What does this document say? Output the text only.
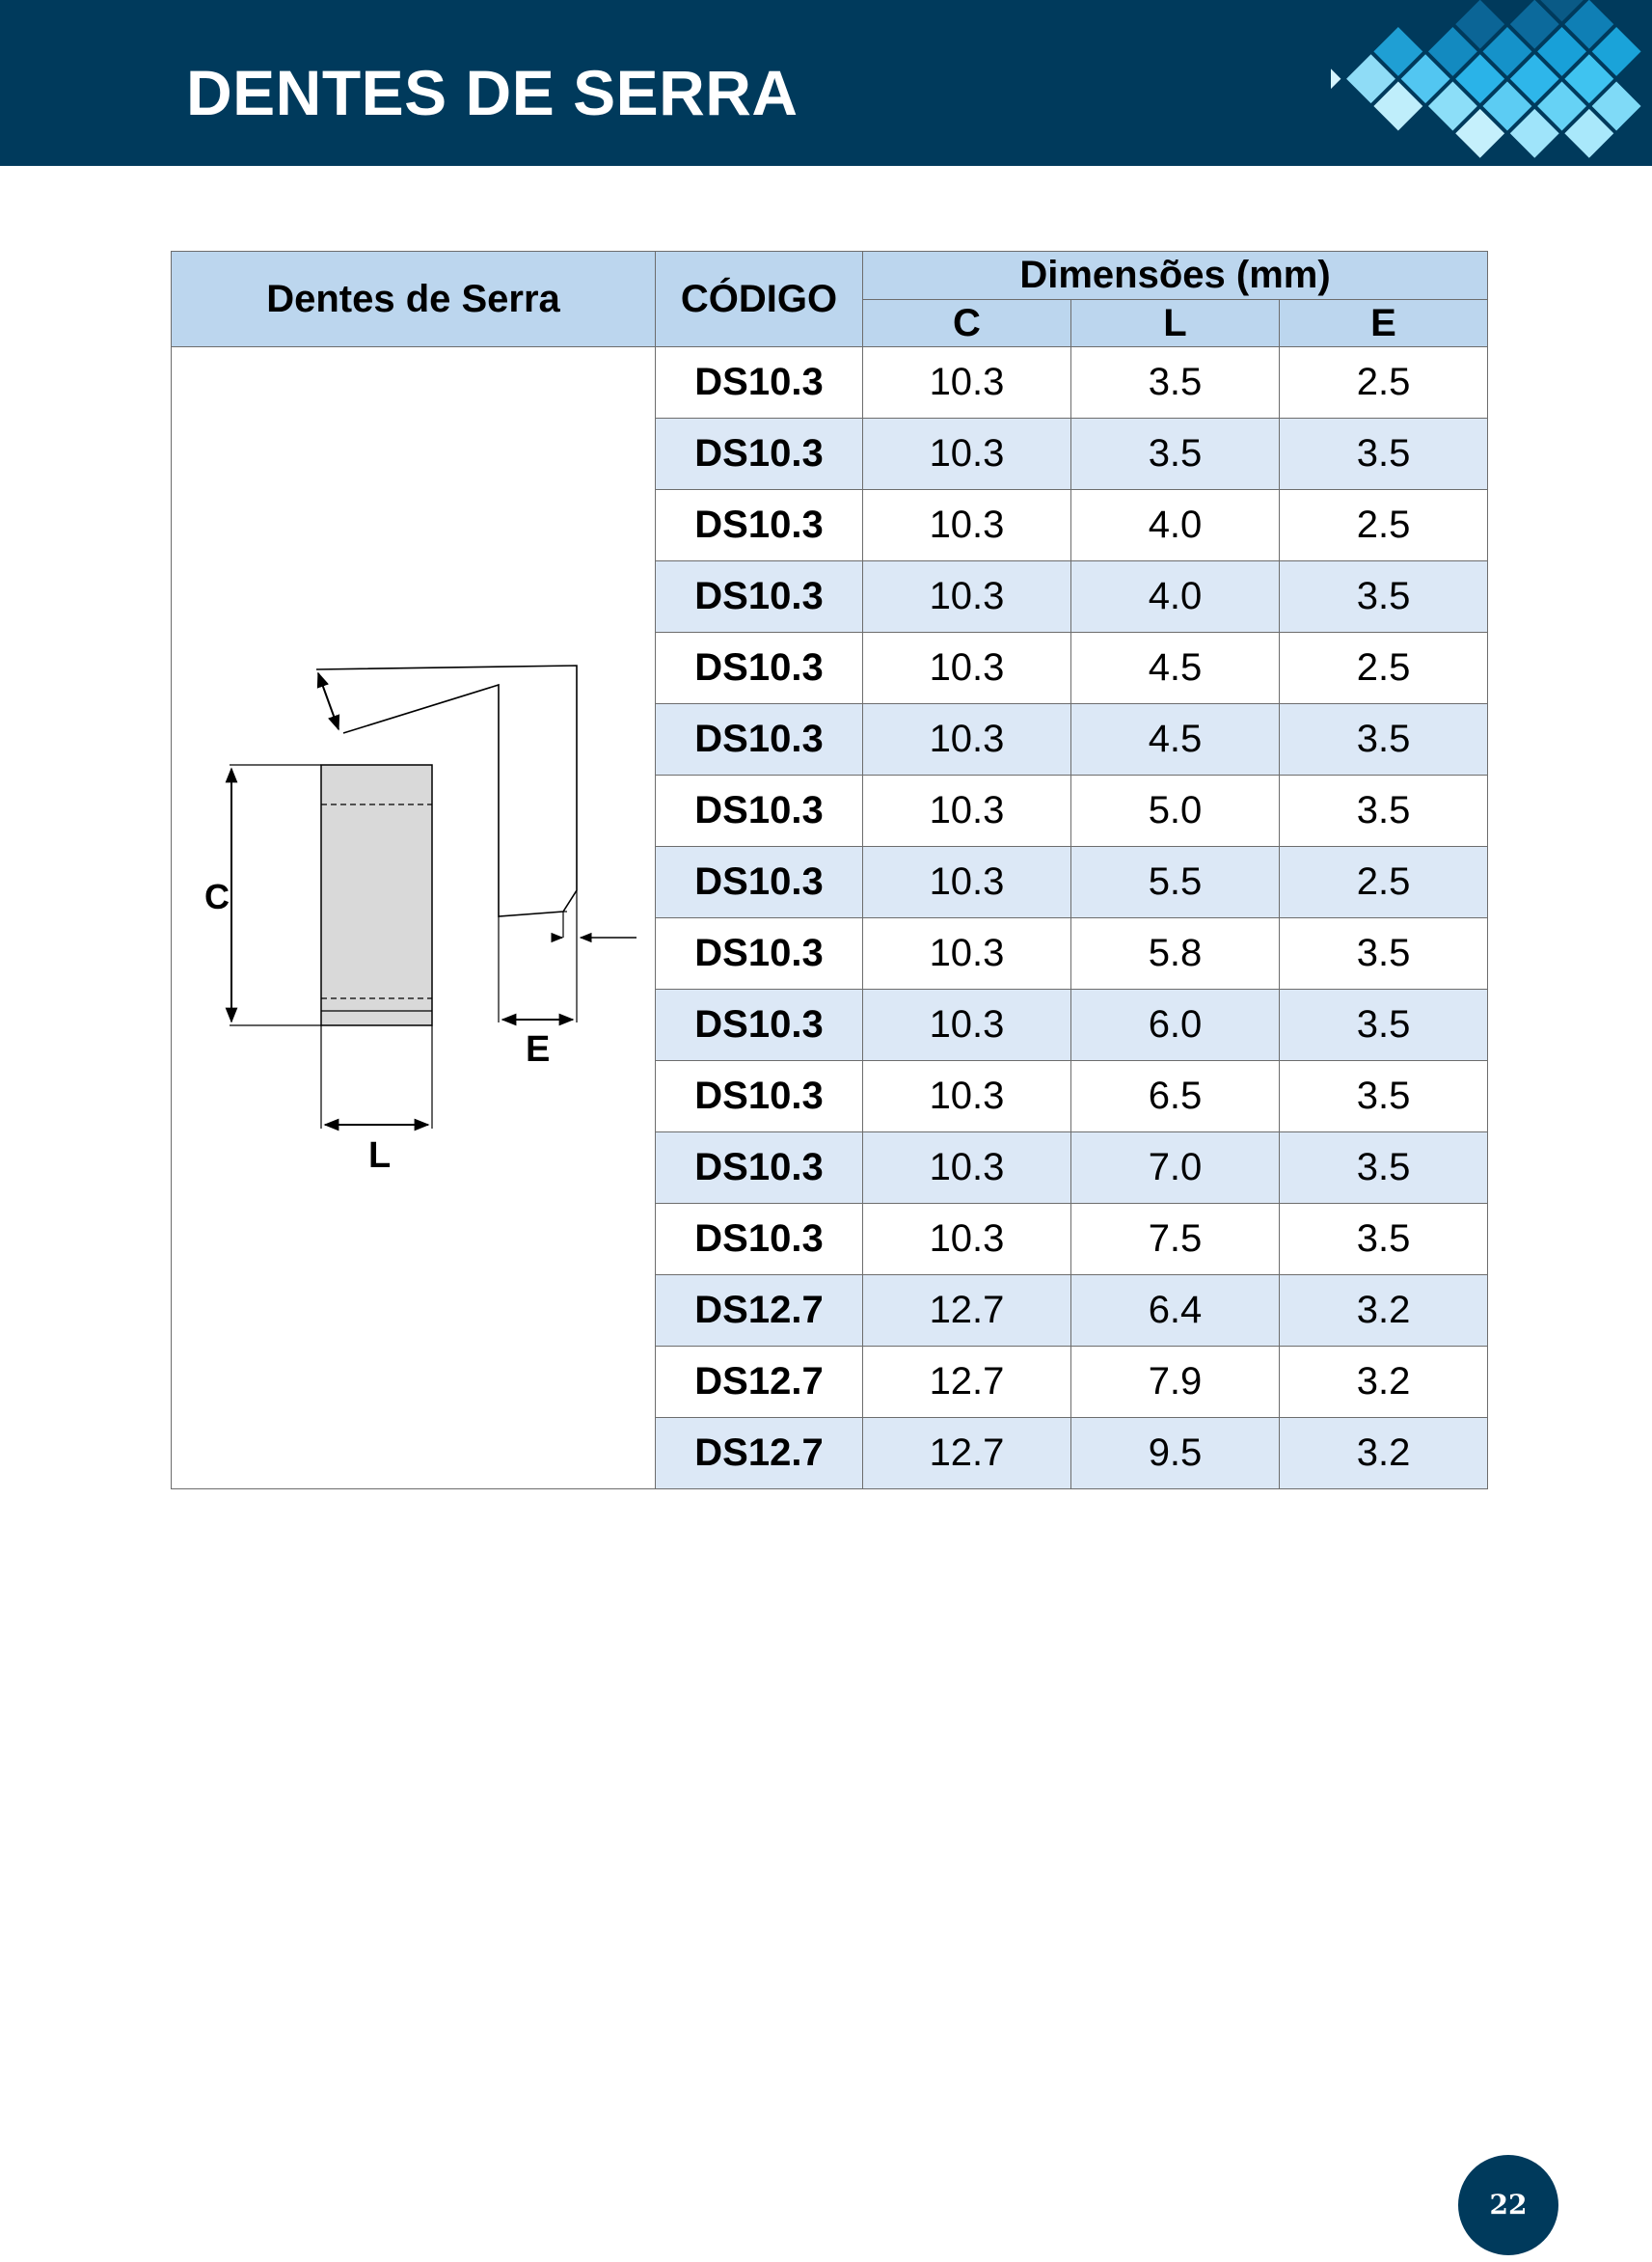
DENTES DE SERRA
Dentes de Serra	CÓDIGO	Dimensões (mm)		
		C	L	E

C
E
L	DS10.3	10.3	3.5	2.5
	DS10.3	10.3	3.5	3.5
	DS10.3	10.3	4.0	2.5
	DS10.3	10.3	4.0	3.5
	DS10.3	10.3	4.5	2.5
	DS10.3	10.3	4.5	3.5
	DS10.3	10.3	5.0	3.5
	DS10.3	10.3	5.5	2.5
	DS10.3	10.3	5.8	3.5
	DS10.3	10.3	6.0	3.5
	DS10.3	10.3	6.5	3.5
	DS10.3	10.3	7.0	3.5
	DS10.3	10.3	7.5	3.5
	DS12.7	12.7	6.4	3.2
	DS12.7	12.7	7.9	3.2
	DS12.7	12.7	9.5	3.2
22
